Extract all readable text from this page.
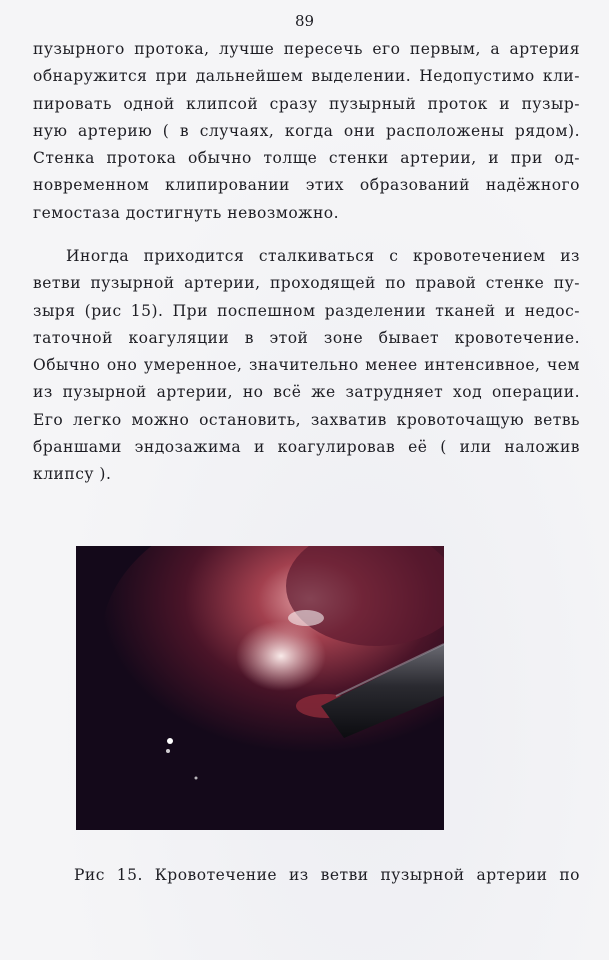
89
пузырного протока, лучше пересечь его первым, а артерия
обнаружится при дальнейшем выделении. Недопустимо кли-
пировать одной клипсой сразу пузырный проток и пузыр-
ную артерию ( в случаях, когда они расположены рядом).
Стенка протока обычно толще стенки артерии, и при од-
новременном клипировании этих образований надёжного
гемостаза достигнуть невозможно.
Иногда приходится сталкиваться с кровотечением из
ветви пузырной артерии, проходящей по правой стенке пу-
зыря (рис 15). При поспешном разделении тканей и недос-
таточной коагуляции в этой зоне бывает кровотечение.
Обычно оно умеренное, значительно менее интенсивное, чем
из пузырной артерии, но всё же затрудняет ход операции.
Его легко можно остановить, захватив кровоточащую ветвь
браншами эндозажима и коагулировав её ( или наложив
клипсу ).
Рис 15. Кровотечение из ветви пузырной артерии по
